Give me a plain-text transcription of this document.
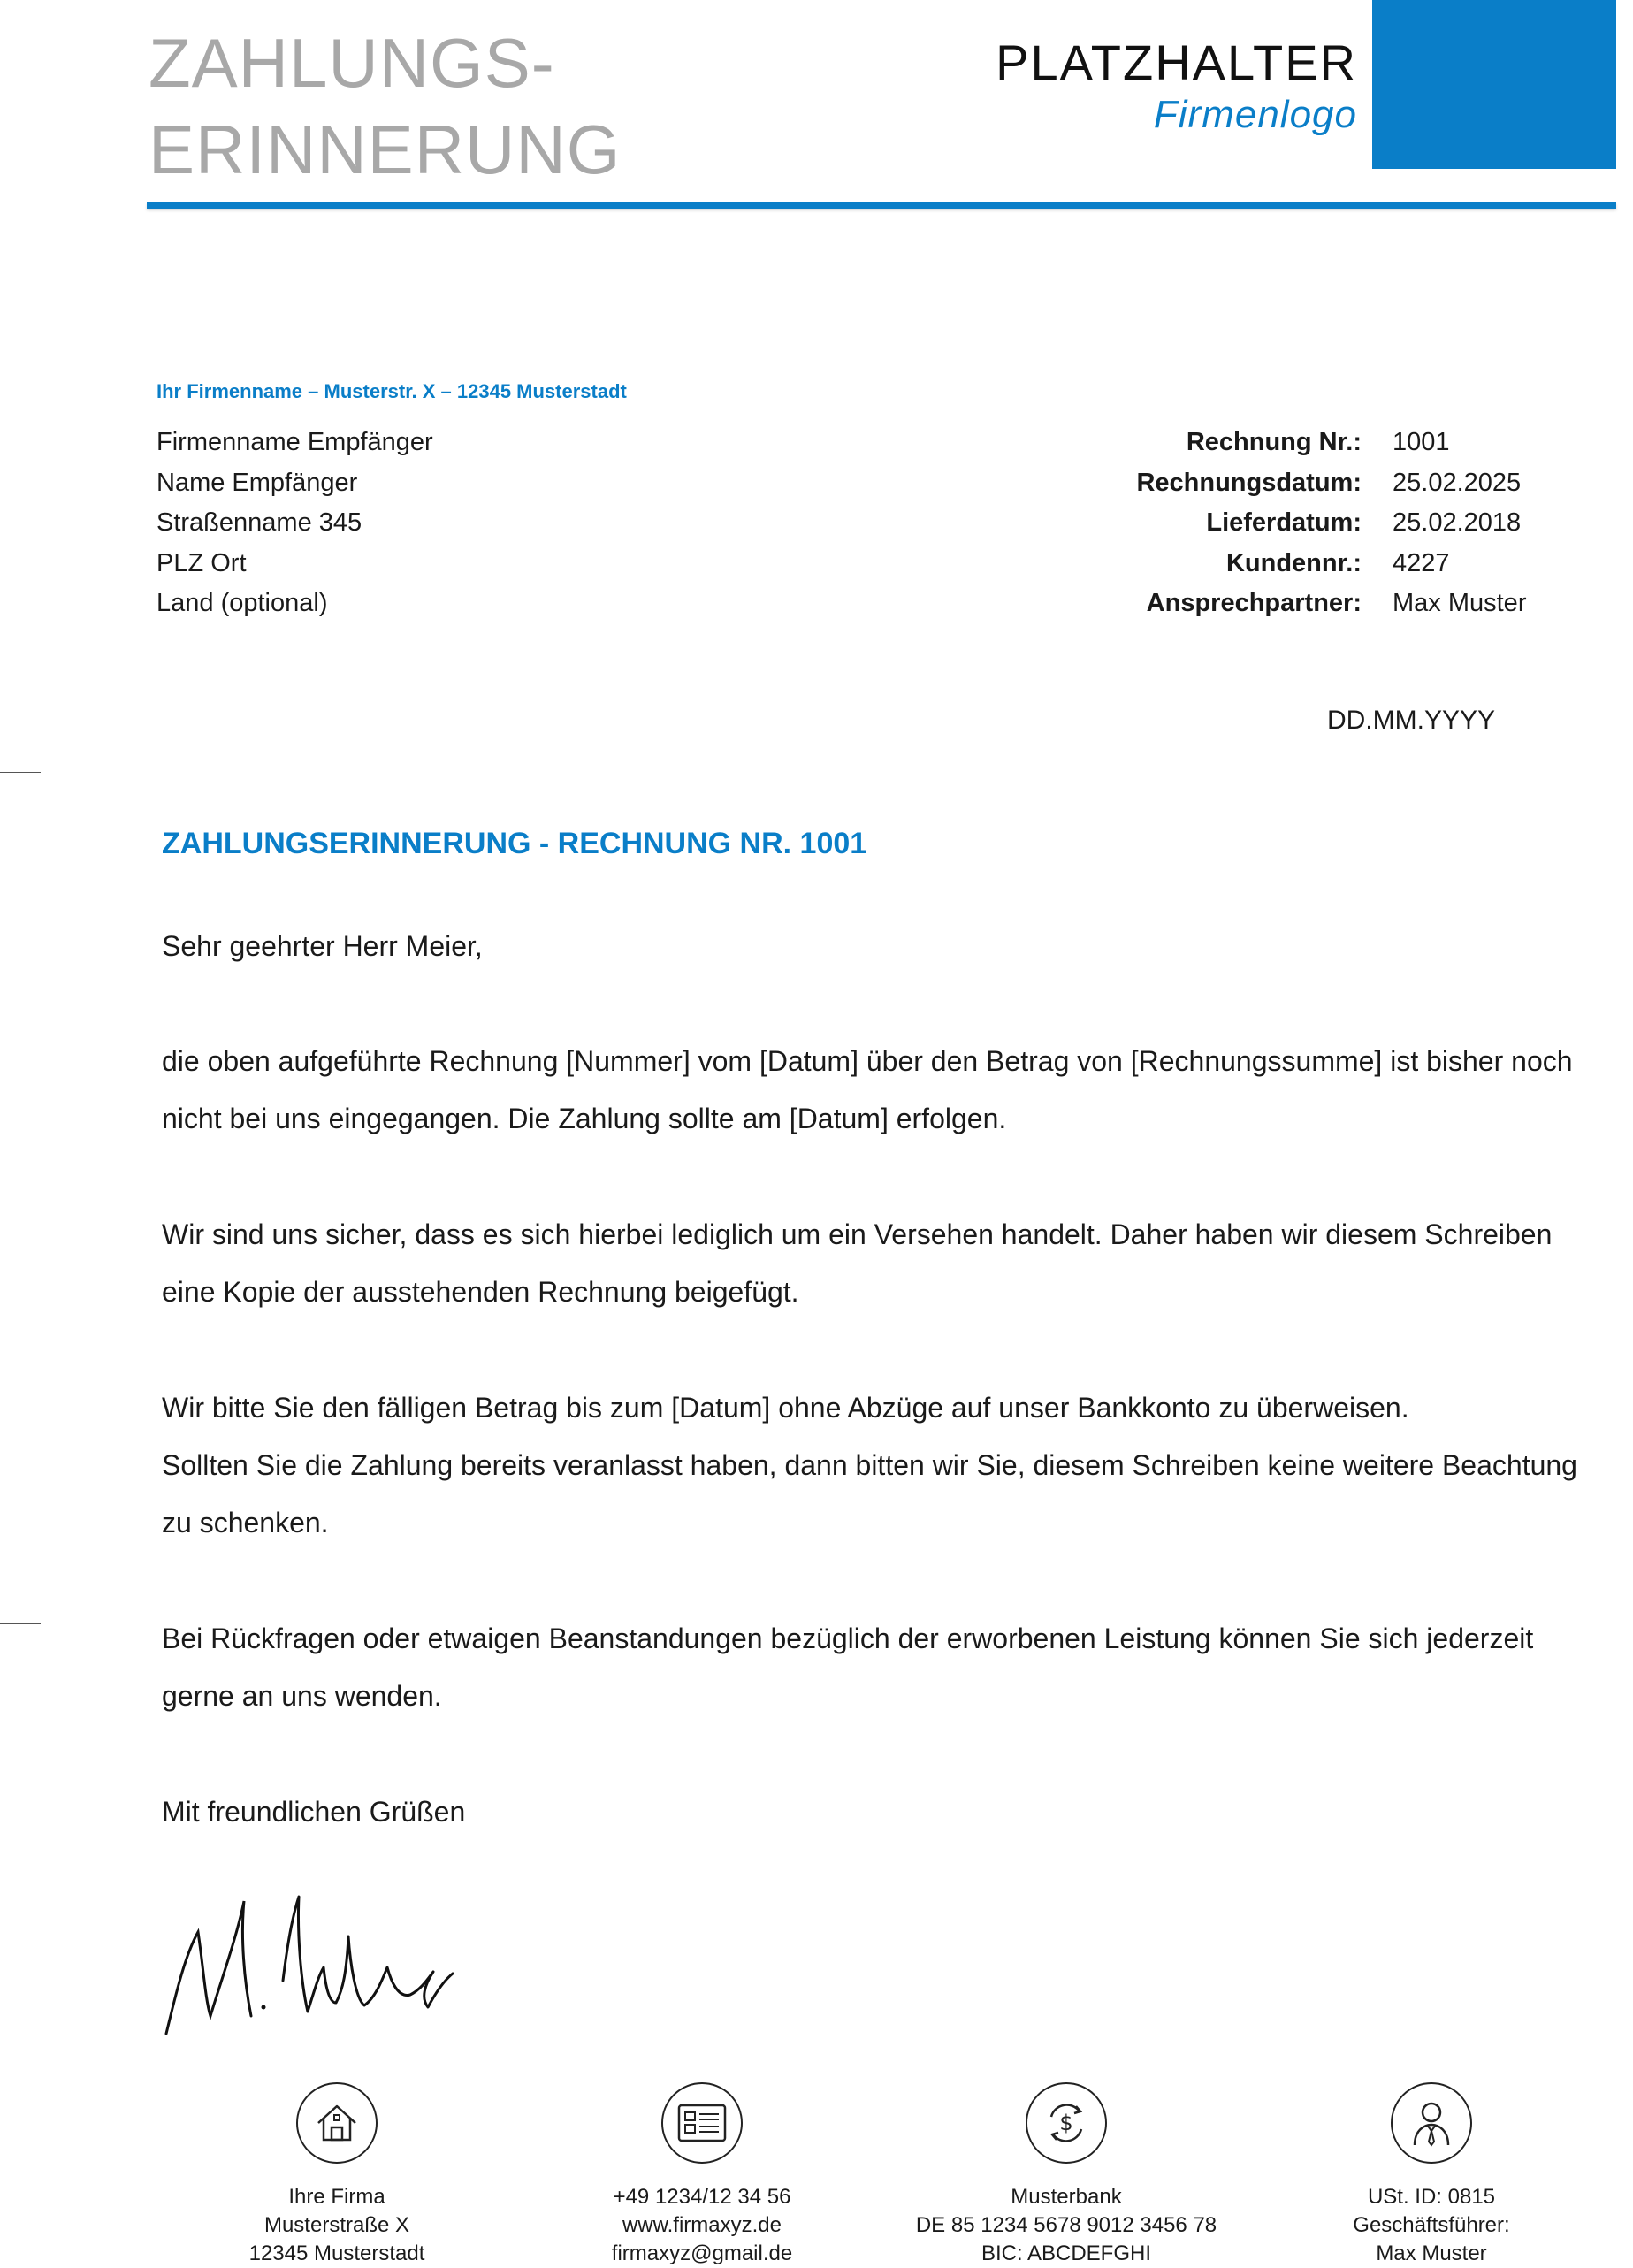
ZAHLUNGS-
ERINNERUNG
PLATZHALTER
Firmenlogo
Ihr Firmenname – Musterstr. X – 12345 Musterstadt
Firmenname Empfänger
Name Empfänger
Straßenname 345
PLZ Ort
Land (optional)
Rechnung Nr.: 1001
Rechnungsdatum: 25.02.2025
Lieferdatum: 25.02.2018
Kundennr.: 4227
Ansprechpartner: Max Muster
DD.MM.YYYY
ZAHLUNGSERINNERUNG - RECHNUNG NR. 1001
Sehr geehrter Herr Meier,

die oben aufgeführte Rechnung [Nummer] vom [Datum] über den Betrag von [Rechnungssumme] ist bisher noch

nicht bei uns eingegangen. Die Zahlung sollte am [Datum] erfolgen.

Wir sind uns sicher, dass es sich hierbei lediglich um ein Versehen handelt. Daher haben wir diesem Schreiben

eine Kopie der ausstehenden Rechnung beigefügt.

Wir bitte Sie den fälligen Betrag bis zum [Datum] ohne Abzüge auf unser Bankkonto zu überweisen.

Sollten Sie die Zahlung bereits veranlasst haben, dann bitten wir Sie, diesem Schreiben keine weitere Beachtung

zu schenken.

Bei Rückfragen oder etwaigen Beanstandungen bezüglich der erworbenen Leistung können Sie sich jederzeit

gerne an uns wenden.

Mit freundlichen Grüßen
Ihre Firma
Musterstraße X
12345 Musterstadt
+49 1234/12 34 56
www.firmaxyz.de
firmaxyz@gmail.de
$
Musterbank
DE 85 1234 5678 9012 3456 78
BIC: ABCDEFGHI
USt. ID: 0815
Geschäftsführer:
Max Muster
